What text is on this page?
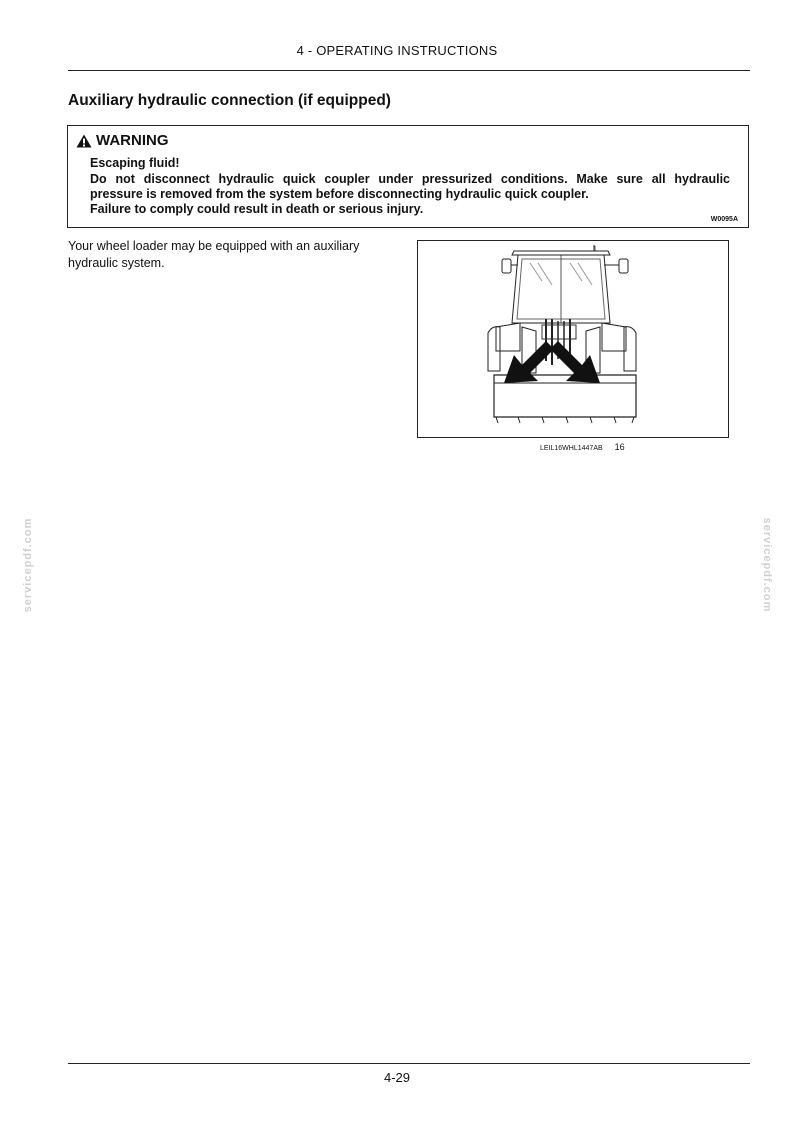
4 - OPERATING INSTRUCTIONS
Auxiliary hydraulic connection (if equipped)
WARNING
Escaping fluid!
Do not disconnect hydraulic quick coupler under pressurized conditions. Make sure all hydraulic
pressure is removed from the system before disconnecting hydraulic quick coupler.
Failure to comply could result in death or serious injury.
W0095A
Your wheel loader may be equipped with an auxiliary hydraulic system.
1
LEIL16WHL1447AB 16
servicepdf.com	servicepdf.com
4-29
